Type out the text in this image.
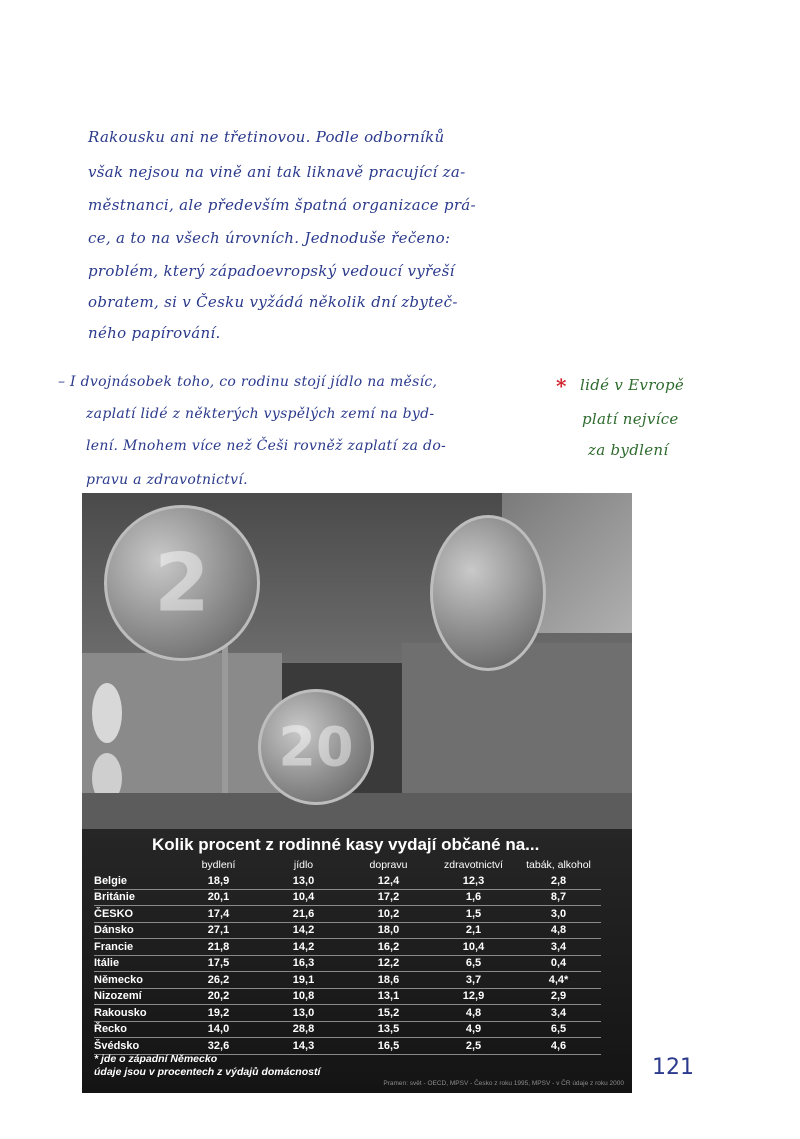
Rakousku ani ne třetinovou. Podle odborníků
však nejsou na vině ani tak liknavě pracující za-
městnanci, ale především špatná organizace prá-
ce, a to na všech úrovních. Jednoduše řečeno:
problém, který západoevropský vedoucí vyřeší
obratem, si v Česku vyžádá několik dní zbyteč-
ného papírování.
– I dvojnásobek toho, co rodinu stojí jídlo na měsíc,
zaplatí lidé z některých vyspělých zemí na byd-
lení. Mnohem více než Češi rovněž zaplatí za do-
pravu a zdravotnictví.
* lidé v Evropě
platí nejvíce
za bydlení
2
20
Kolik procent z rodinné kasy vydají občané na...
	bydlení	jídlo	dopravu	zdravotnictví	tabák, alkohol
Belgie	18,9	13,0	12,4	12,3	2,8
Británie	20,1	10,4	17,2	1,6	8,7
ČESKO	17,4	21,6	10,2	1,5	3,0
Dánsko	27,1	14,2	18,0	2,1	4,8
Francie	21,8	14,2	16,2	10,4	3,4
Itálie	17,5	16,3	12,2	6,5	0,4
Německo	26,2	19,1	18,6	3,7	4,4*
Nizozemí	20,2	10,8	13,1	12,9	2,9
Rakousko	19,2	13,0	15,2	4,8	3,4
Řecko	14,0	28,8	13,5	4,9	6,5
Švédsko	32,6	14,3	16,5	2,5	4,6
* jde o západní Německo
údaje jsou v procentech z výdajů domácností
Pramen: svět - OECD, MPSV - Česko z roku 1995, MPSV - v ČR údaje z roku 2000
121
